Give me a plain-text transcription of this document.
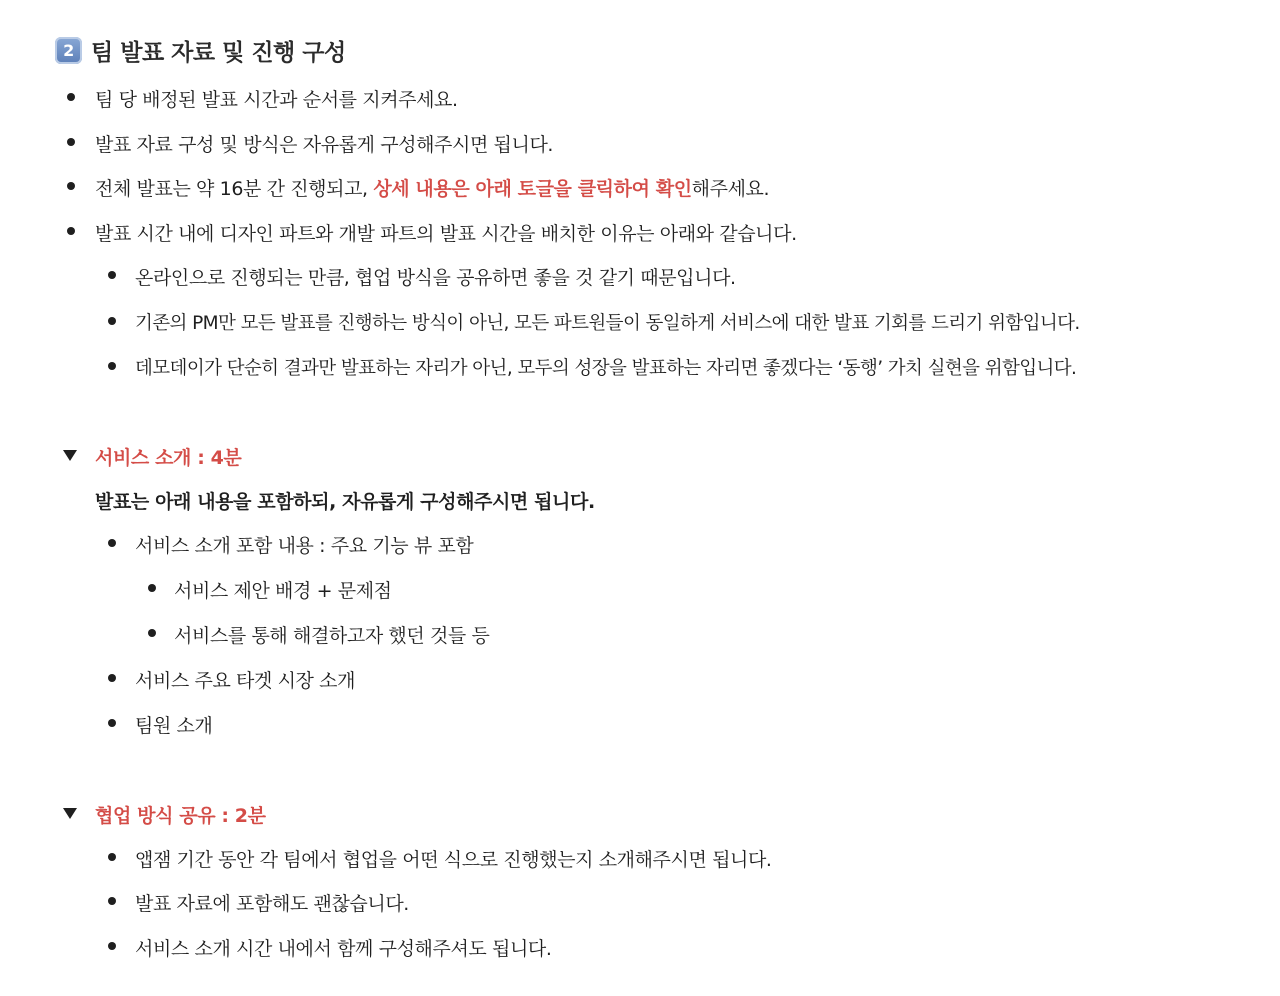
2 팀 발표 자료 및 진행 구성
팀 당 배정된 발표 시간과 순서를 지켜주세요.
발표 자료 구성 및 방식은 자유롭게 구성해주시면 됩니다.
전체 발표는 약 16분 간 진행되고, 상세 내용은 아래 토글을 클릭하여 확인해주세요.
발표 시간 내에 디자인 파트와 개발 파트의 발표 시간을 배치한 이유는 아래와 같습니다.
온라인으로 진행되는 만큼, 협업 방식을 공유하면 좋을 것 같기 때문입니다.
기존의 PM만 모든 발표를 진행하는 방식이 아닌, 모든 파트원들이 동일하게 서비스에 대한 발표 기회를 드리기 위함입니다.
데모데이가 단순히 결과만 발표하는 자리가 아닌, 모두의 성장을 발표하는 자리면 좋겠다는 ‘동행’ 가치 실현을 위함입니다.
서비스 소개 : 4분
발표는 아래 내용을 포함하되, 자유롭게 구성해주시면 됩니다.
서비스 소개 포함 내용 : 주요 기능 뷰 포함
서비스 제안 배경 + 문제점
서비스를 통해 해결하고자 했던 것들 등
서비스 주요 타겟 시장 소개
팀원 소개
협업 방식 공유 : 2분
앱잼 기간 동안 각 팀에서 협업을 어떤 식으로 진행했는지 소개해주시면 됩니다.
발표 자료에 포함해도 괜찮습니다.
서비스 소개 시간 내에서 함께 구성해주셔도 됩니다.
